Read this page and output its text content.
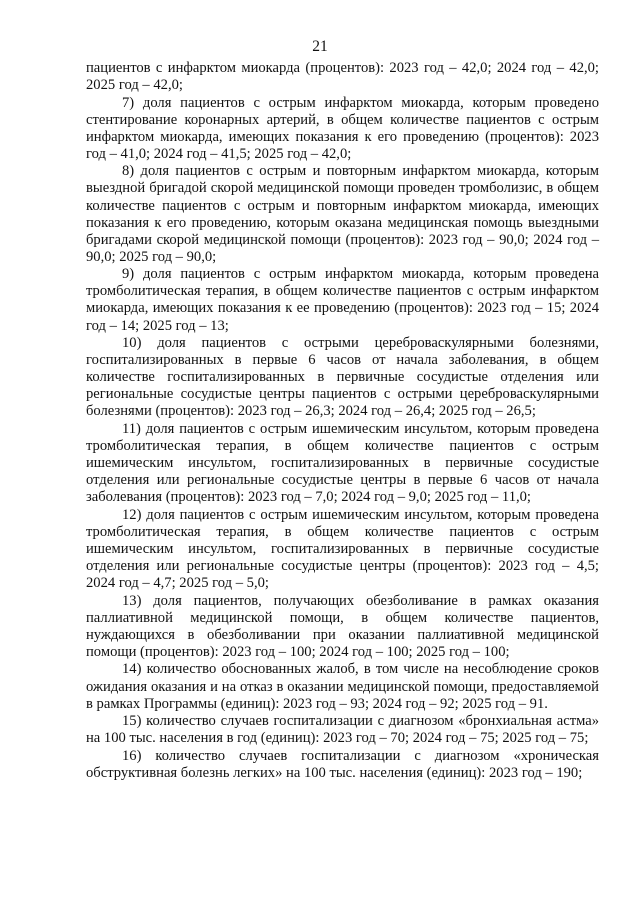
21

пациентов с инфарктом миокарда (процентов): 2023 год – 42,0; 2024 год – 42,0; 2025 год – 42,0;

7) доля пациентов с острым инфарктом миокарда, которым проведено стентирование коронарных артерий, в общем количестве пациентов с острым инфарктом миокарда, имеющих показания к его проведению (процентов): 2023 год – 41,0; 2024 год – 41,5; 2025 год – 42,0;

8) доля пациентов с острым и повторным инфарктом миокарда, которым выездной бригадой скорой медицинской помощи проведен тромболизис, в общем количестве пациентов с острым и повторным инфарктом миокарда, имеющих показания к его проведению, которым оказана медицинская помощь выездными бригадами скорой медицинской помощи (процентов): 2023 год – 90,0; 2024 год – 90,0; 2025 год – 90,0;

9) доля пациентов с острым инфарктом миокарда, которым проведена тромболитическая терапия, в общем количестве пациентов с острым инфарктом миокарда, имеющих показания к ее проведению (процентов): 2023 год – 15; 2024 год – 14; 2025 год – 13;

10) доля пациентов с острыми цереброваскулярными болезнями, госпитализированных в первые 6 часов от начала заболевания, в общем количестве госпитализированных в первичные сосудистые отделения или региональные сосудистые центры пациентов с острыми цереброваскулярными болезнями (процентов): 2023 год – 26,3; 2024 год – 26,4; 2025 год – 26,5;

11) доля пациентов с острым ишемическим инсультом, которым проведена тромболитическая терапия, в общем количестве пациентов с острым ишемическим инсультом, госпитализированных в первичные сосудистые отделения или региональные сосудистые центры в первые 6 часов от начала заболевания (процентов): 2023 год – 7,0; 2024 год – 9,0; 2025 год – 11,0;

12) доля пациентов с острым ишемическим инсультом, которым проведена тромболитическая терапия, в общем количестве пациентов с острым ишемическим инсультом, госпитализированных в первичные сосудистые отделения или региональные сосудистые центры (процентов): 2023 год – 4,5; 2024 год – 4,7; 2025 год – 5,0;

13) доля пациентов, получающих обезболивание в рамках оказания паллиативной медицинской помощи, в общем количестве пациентов, нуждающихся в обезболивании при оказании паллиативной медицинской помощи (процентов): 2023 год – 100; 2024 год – 100; 2025 год – 100;

14) количество обоснованных жалоб, в том числе на несоблюдение сроков ожидания оказания и на отказ в оказании медицинской помощи, предоставляемой в рамках Программы (единиц): 2023 год – 93; 2024 год – 92; 2025 год – 91.

15) количество случаев госпитализации с диагнозом «бронхиальная астма» на 100 тыс. населения в год (единиц): 2023 год – 70; 2024 год – 75; 2025 год – 75;

16) количество случаев госпитализации с диагнозом «хроническая обструктивная болезнь легких» на 100 тыс. населения (единиц): 2023 год – 190;
